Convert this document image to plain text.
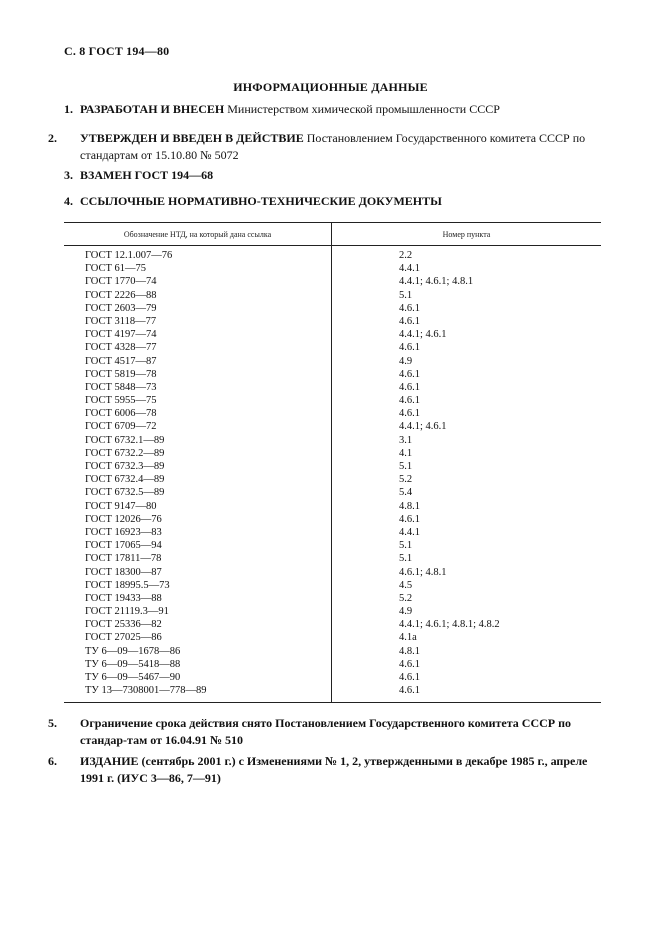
С. 8 ГОСТ 194—80
ИНФОРМАЦИОННЫЕ ДАННЫЕ
1. РАЗРАБОТАН И ВНЕСЕН Министерством химической промышленности СССР
2. УТВЕРЖДЕН И ВВЕДЕН В ДЕЙСТВИЕ Постановлением Государственного комитета СССР по стандартам от 15.10.80 № 5072
3. ВЗАМЕН ГОСТ 194—68
4. ССЫЛОЧНЫЕ НОРМАТИВНО-ТЕХНИЧЕСКИЕ ДОКУМЕНТЫ
Обозначение НТД, на который дана ссылка	Номер пункта
ГОСТ 12.1.007—76	2.2
ГОСТ 61—75	4.4.1
ГОСТ 1770—74	4.4.1; 4.6.1; 4.8.1
ГОСТ 2226—88	5.1
ГОСТ 2603—79	4.6.1
ГОСТ 3118—77	4.6.1
ГОСТ 4197—74	4.4.1; 4.6.1
ГОСТ 4328—77	4.6.1
ГОСТ 4517—87	4.9
ГОСТ 5819—78	4.6.1
ГОСТ 5848—73	4.6.1
ГОСТ 5955—75	4.6.1
ГОСТ 6006—78	4.6.1
ГОСТ 6709—72	4.4.1; 4.6.1
ГОСТ 6732.1—89	3.1
ГОСТ 6732.2—89	4.1
ГОСТ 6732.3—89	5.1
ГОСТ 6732.4—89	5.2
ГОСТ 6732.5—89	5.4
ГОСТ 9147—80	4.8.1
ГОСТ 12026—76	4.6.1
ГОСТ 16923—83	4.4.1
ГОСТ 17065—94	5.1
ГОСТ 17811—78	5.1
ГОСТ 18300—87	4.6.1; 4.8.1
ГОСТ 18995.5—73	4.5
ГОСТ 19433—88	5.2
ГОСТ 21119.3—91	4.9
ГОСТ 25336—82	4.4.1; 4.6.1; 4.8.1; 4.8.2
ГОСТ 27025—86	4.1а
ТУ 6—09—1678—86	4.8.1
ТУ 6—09—5418—88	4.6.1
ТУ 6—09—5467—90	4.6.1
ТУ 13—7308001—778—89	4.6.1
5. Ограничение срока действия снято Постановлением Государственного комитета СССР по стандар-там от 16.04.91 № 510
6. ИЗДАНИЕ (сентябрь 2001 г.) с Изменениями № 1, 2, утвержденными в декабре 1985 г., апреле 1991 г. (ИУС 3—86, 7—91)
